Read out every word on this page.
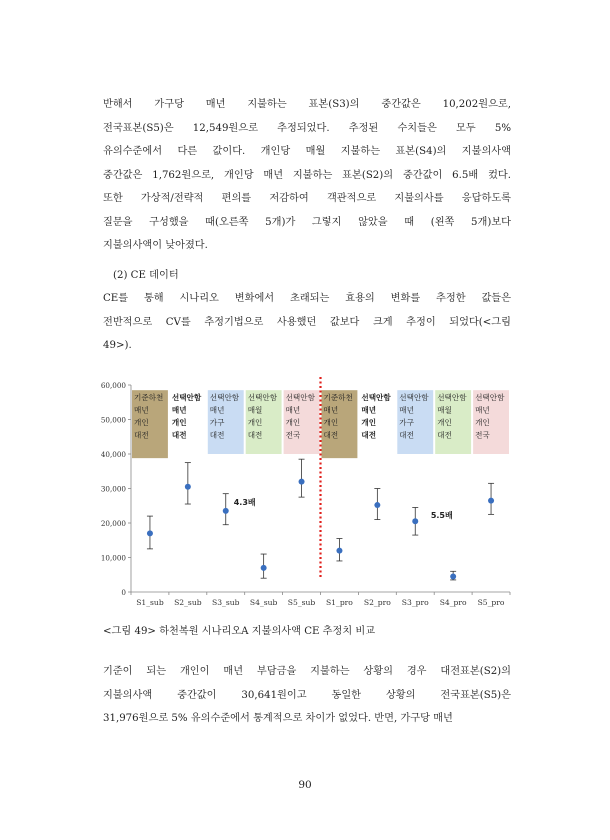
반해서 가구당 매년 지불하는 표본(S3)의 중간값은 10,202원으로,
전국표본(S5)은 12,549원으로 추정되었다. 추정된 수치들은 모두 5%
유의수준에서 다른 값이다. 개인당 매월 지불하는 표본(S4)의 지불의사액
중간값은 1,762원으로, 개인당 매년 지불하는 표본(S2)의 중간값이 6.5배 컸다.
또한 가상적/전략적 편의를 저감하여 객관적으로 지불의사를 응답하도록
질문을 구성했을 때(오른쪽 5개)가 그렇지 않았을 때 (왼쪽 5개)보다
지불의사액이 낮아졌다.
(2) CE 데이터
CE를 통해 시나리오 변화에서 초래되는 효용의 변화를 추정한 값들은
전반적으로 CV를 추정기법으로 사용했던 값보다 크게 추정이 되었다(<그림
49>).
0
10,000
20,000
30,000
40,000
50,000
60,000
기준하천
매년
개인
대전
선택안함
매년
개인
대전
선택안함
매년
가구
대전
선택안함
매월
개인
대전
선택안함
매년
개인
전국
기준하천
매년
개인
대전
선택안함
매년
개인
대전
선택안함
매년
가구
대전
선택안함
매월
개인
대전
선택안함
매년
개인
전국
S1_sub S2_sub S3_sub S4_sub S5_sub S1_pro S2_pro S3_pro S4_pro S5_pro
4.3배
5.5배
<그림 49> 하천복원 시나리오A 지불의사액 CE 추정치 비교
기준이 되는 개인이 매년 부담금을 지불하는 상황의 경우 대전표본(S2)의
지불의사액 중간값이 30,641원이고 동일한 상황의 전국표본(S5)은
31,976원으로 5% 유의수준에서 통계적으로 차이가 없었다. 반면, 가구당 매년
90
